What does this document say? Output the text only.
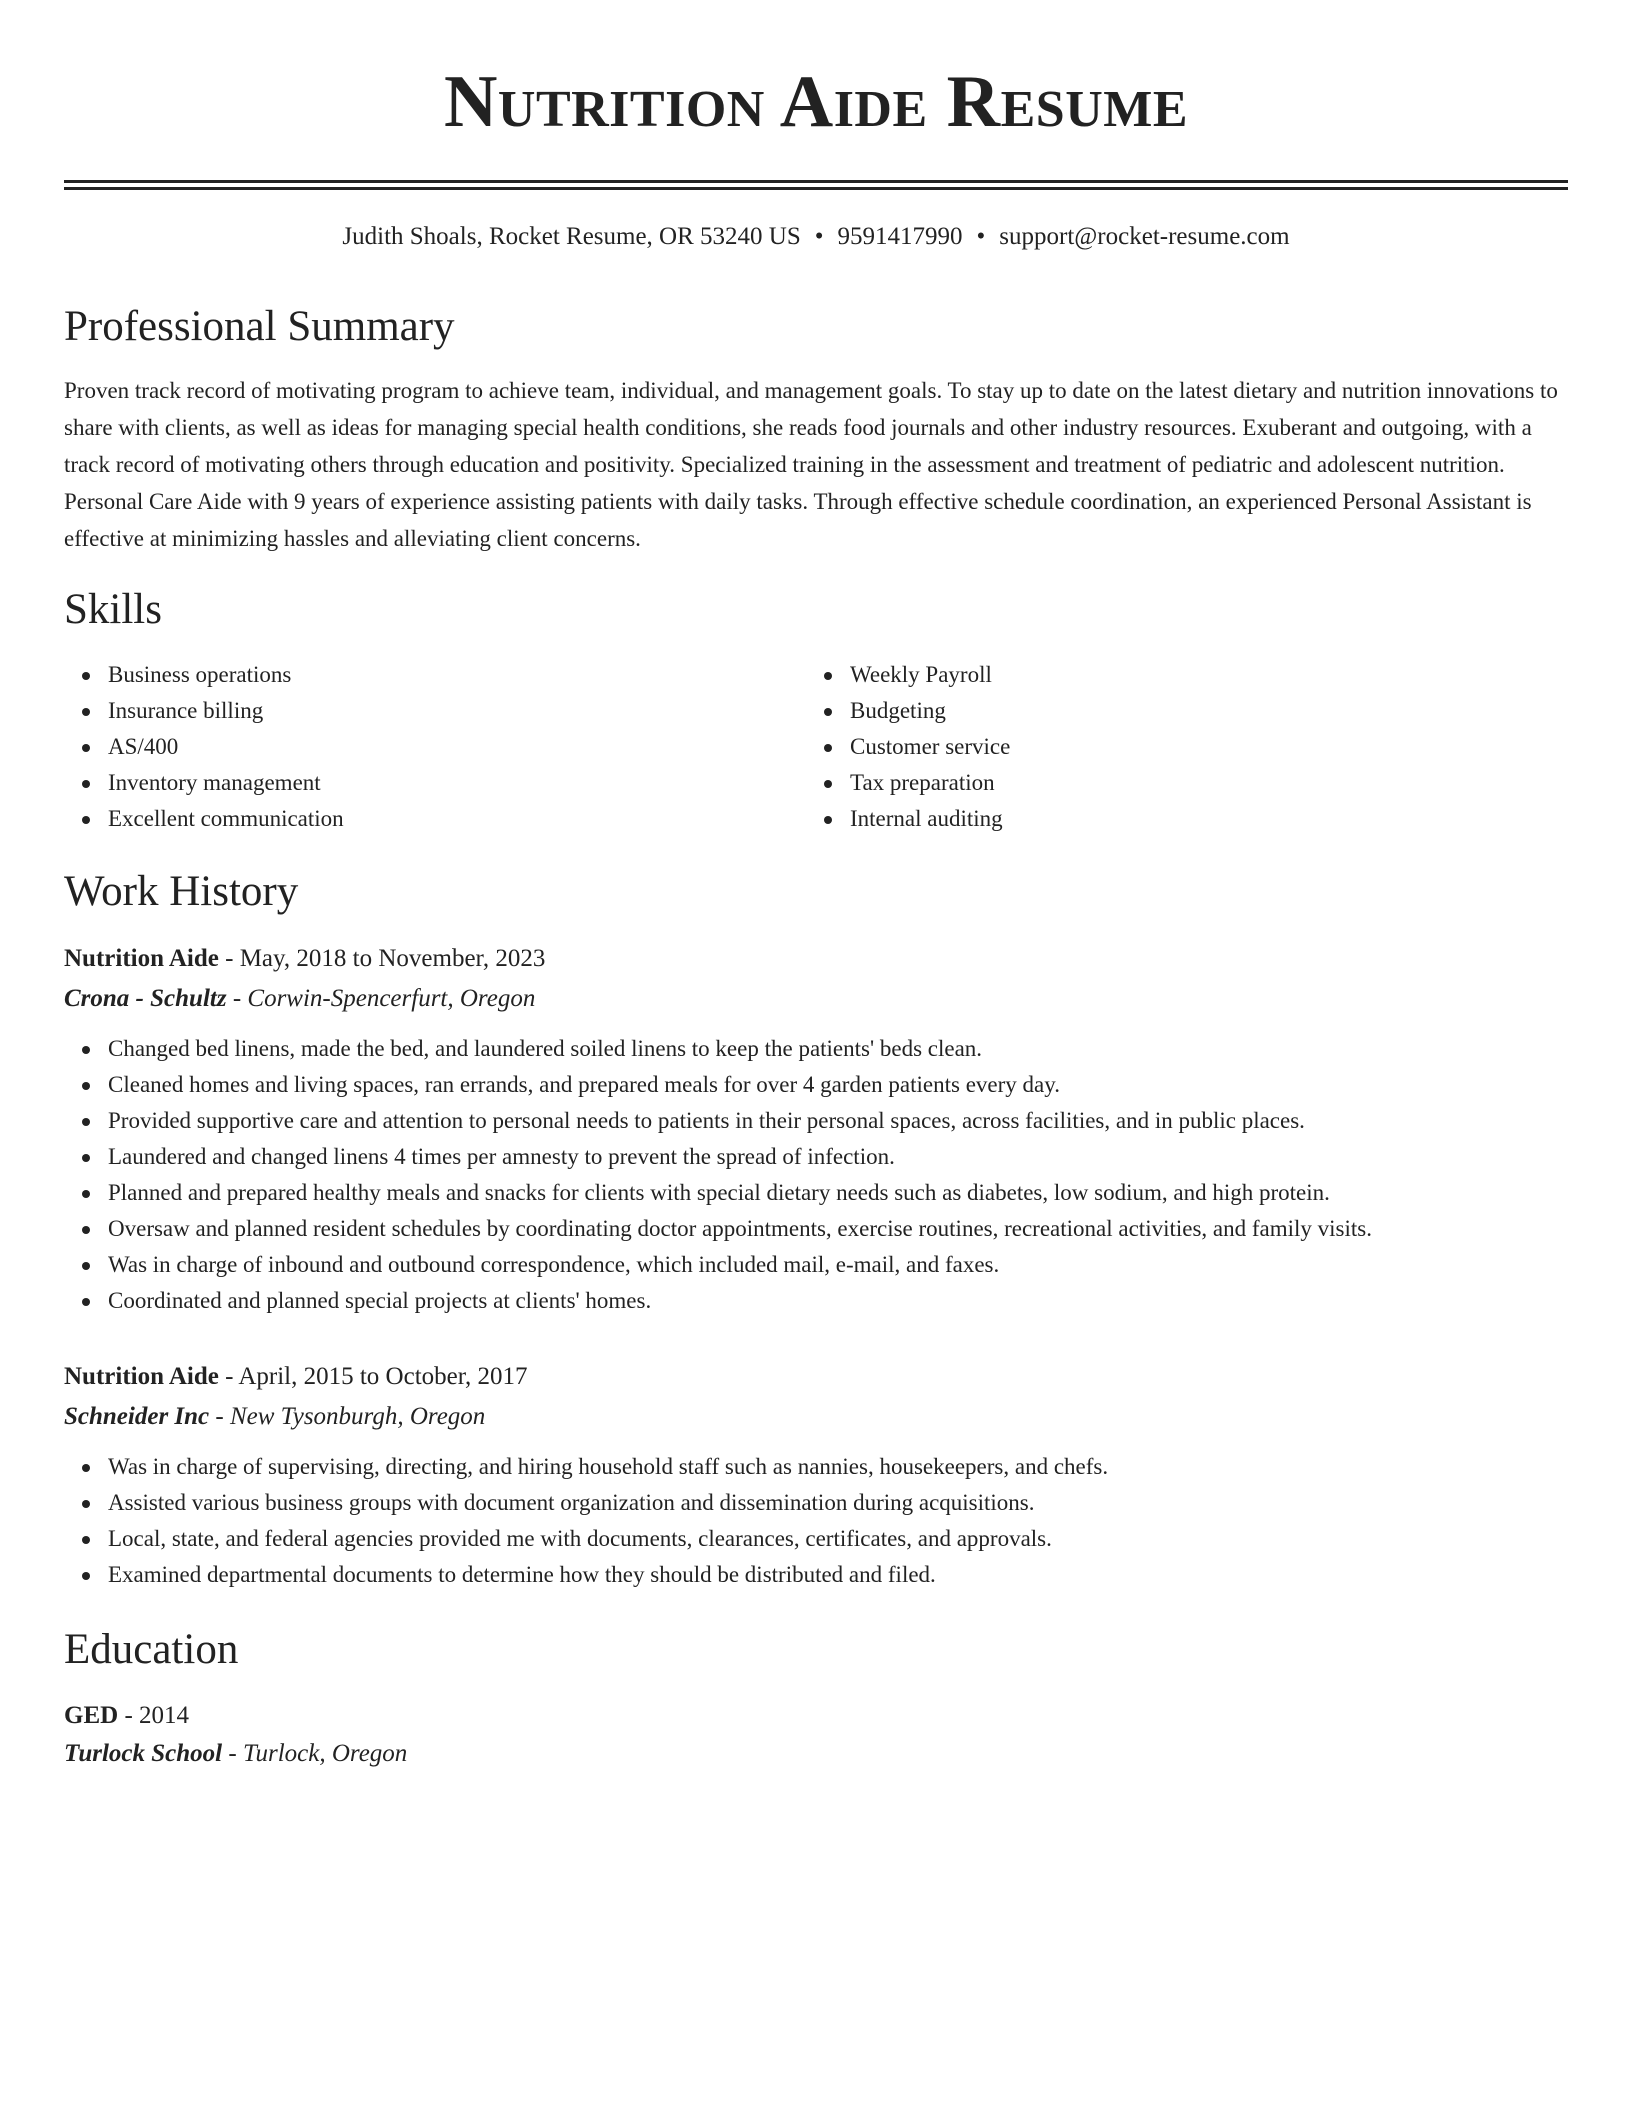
Nutrition Aide Resume
Judith Shoals, Rocket Resume, OR 53240 US • 9591417990 • support@rocket-resume.com
Professional Summary

Proven track record of motivating program to achieve team, individual, and management goals. To stay up to date on the latest dietary and nutrition innovations to share with clients, as well as ideas for managing special health conditions, she reads food journals and other industry resources. Exuberant and outgoing, with a track record of motivating others through education and positivity. Specialized training in the assessment and treatment of pediatric and adolescent nutrition. Personal Care Aide with 9 years of experience assisting patients with daily tasks. Through effective schedule coordination, an experienced Personal Assistant is effective at minimizing hassles and alleviating client concerns.

Skills
Business operations
Insurance billing
AS/400
Inventory management
Excellent communication
Weekly Payroll
Budgeting
Customer service
Tax preparation
Internal auditing
Work History
Nutrition Aide - May, 2018 to November, 2023
Crona - Schultz - Corwin-Spencerfurt, Oregon
Changed bed linens, made the bed, and laundered soiled linens to keep the patients' beds clean.
Cleaned homes and living spaces, ran errands, and prepared meals for over 4 garden patients every day.
Provided supportive care and attention to personal needs to patients in their personal spaces, across facilities, and in public places.
Laundered and changed linens 4 times per amnesty to prevent the spread of infection.
Planned and prepared healthy meals and snacks for clients with special dietary needs such as diabetes, low sodium, and high protein.
Oversaw and planned resident schedules by coordinating doctor appointments, exercise routines, recreational activities, and family visits.
Was in charge of inbound and outbound correspondence, which included mail, e-mail, and faxes.
Coordinated and planned special projects at clients' homes.
Nutrition Aide - April, 2015 to October, 2017
Schneider Inc - New Tysonburgh, Oregon
Was in charge of supervising, directing, and hiring household staff such as nannies, housekeepers, and chefs.
Assisted various business groups with document organization and dissemination during acquisitions.
Local, state, and federal agencies provided me with documents, clearances, certificates, and approvals.
Examined departmental documents to determine how they should be distributed and filed.
Education
GED - 2014
Turlock School - Turlock, Oregon
